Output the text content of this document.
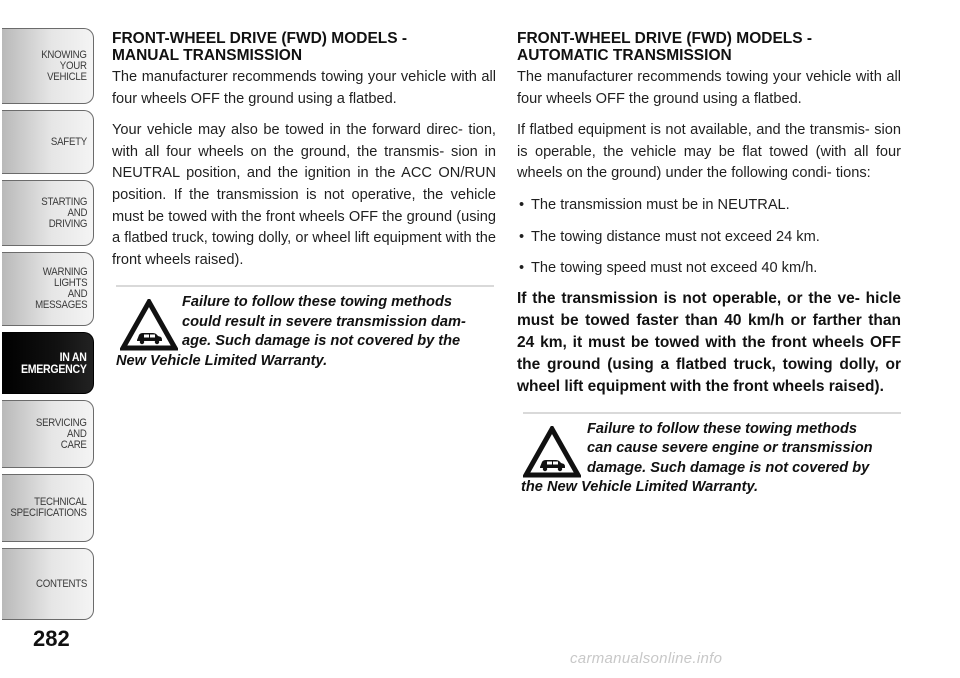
KNOWING
YOUR
VEHICLE
SAFETY
STARTING
AND
DRIVING
WARNING
LIGHTS
AND
MESSAGES
IN AN
EMERGENCY
SERVICING
AND
CARE
TECHNICAL
SPECIFICATIONS
CONTENTS
282
FRONT-WHEEL DRIVE (FWD) MODELS -
MANUAL TRANSMISSION

The manufacturer recommends towing your vehicle with all four wheels OFF the ground using a flatbed.

Your vehicle may also be towed in the forward direc- tion, with all four wheels on the ground, the transmis- sion in NEUTRAL position, and the ignition in the ACC ON/RUN position. If the transmission is not operative, the vehicle must be towed with the front wheels OFF the ground (using a flatbed truck, towing dolly, or wheel lift equipment with the front wheels raised).

Failure to follow these towing methods
could result in severe transmission dam-
age. Such damage is not covered by the
New Vehicle Limited Warranty.
FRONT-WHEEL DRIVE (FWD) MODELS -
AUTOMATIC TRANSMISSION

The manufacturer recommends towing your vehicle with all four wheels OFF the ground using a flatbed.

If flatbed equipment is not available, and the transmis- sion is operable, the vehicle may be flat towed (with all four wheels on the ground) under the following condi- tions:

• The transmission must be in NEUTRAL.
• The towing distance must not exceed 24 km.
• The towing speed must not exceed 40 km/h.

If the transmission is not operable, or the ve- hicle must be towed faster than 40 km/h or farther than 24 km, it must be towed with the front wheels OFF the ground (using a flatbed truck, towing dolly, or wheel lift equipment with the front wheels raised).

Failure to follow these towing methods
can cause severe engine or transmission
damage. Such damage is not covered by
the New Vehicle Limited Warranty.
carmanualsonline.info
